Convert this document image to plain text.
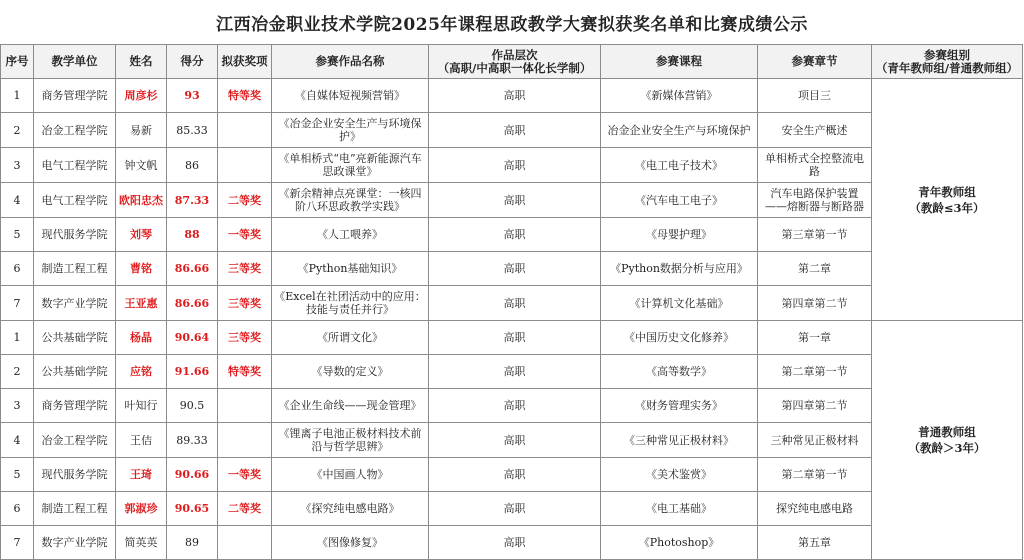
江西冶金职业技术学院2025年课程思政教学大赛拟获奖名单和比赛成绩公示
序号	教学单位	姓名	得分	拟获奖项	参赛作品名称	作品层次
（高职/中高职一体化长学制）	参赛课程	参赛章节	参赛组别
（青年教师组/普通教师组）
1	商务管理学院	周彦杉	93	特等奖	《自媒体短视频营销》	高职	《新媒体营销》	项目三	青年教师组
（教龄≤3年）
2	冶金工程学院	易新	85.33		《冶金企业安全生产与环境保护》	高职	冶金企业安全生产与环境保护	安全生产概述	
3	电气工程学院	钟文帆	86		《单相桥式“电”亮新能源汽车思政课堂》	高职	《电工电子技术》	单相桥式全控整流电路	
4	电气工程学院	欧阳忠杰	87.33	二等奖	《新余精神点亮课堂：一核四阶八环思政教学实践》	高职	《汽车电工电子》	汽车电路保护装置——熔断器与断路器	
5	现代服务学院	刘琴	88	一等奖	《人工喂养》	高职	《母婴护理》	第三章第一节	
6	制造工程工程	曹铭	86.66	三等奖	《Python基础知识》	高职	《Python数据分析与应用》	第二章	
7	数字产业学院	王亚惠	86.66	三等奖	《Excel在社团活动中的应用：技能与责任并行》	高职	《计算机文化基础》	第四章第二节	
1	公共基础学院	杨晶	90.64	三等奖	《所谓文化》	高职	《中国历史文化修养》	第一章	普通教师组
（教龄＞3年）
2	公共基础学院	应铭	91.66	特等奖	《导数的定义》	高职	《高等数学》	第二章第一节	
3	商务管理学院	叶知行	90.5		《企业生命线——现金管理》	高职	《财务管理实务》	第四章第二节	
4	冶金工程学院	王佶	89.33		《锂离子电池正极材料技术前沿与哲学思辨》	高职	《三种常见正极材料》	三种常见正极材料	
5	现代服务学院	王琦	90.66	一等奖	《中国画人物》	高职	《美术鉴赏》	第二章第一节	
6	制造工程工程	郭淑珍	90.65	二等奖	《探究纯电感电路》	高职	《电工基础》	探究纯电感电路	
7	数字产业学院	简英英	89		《图像修复》	高职	《Photoshop》	第五章	
